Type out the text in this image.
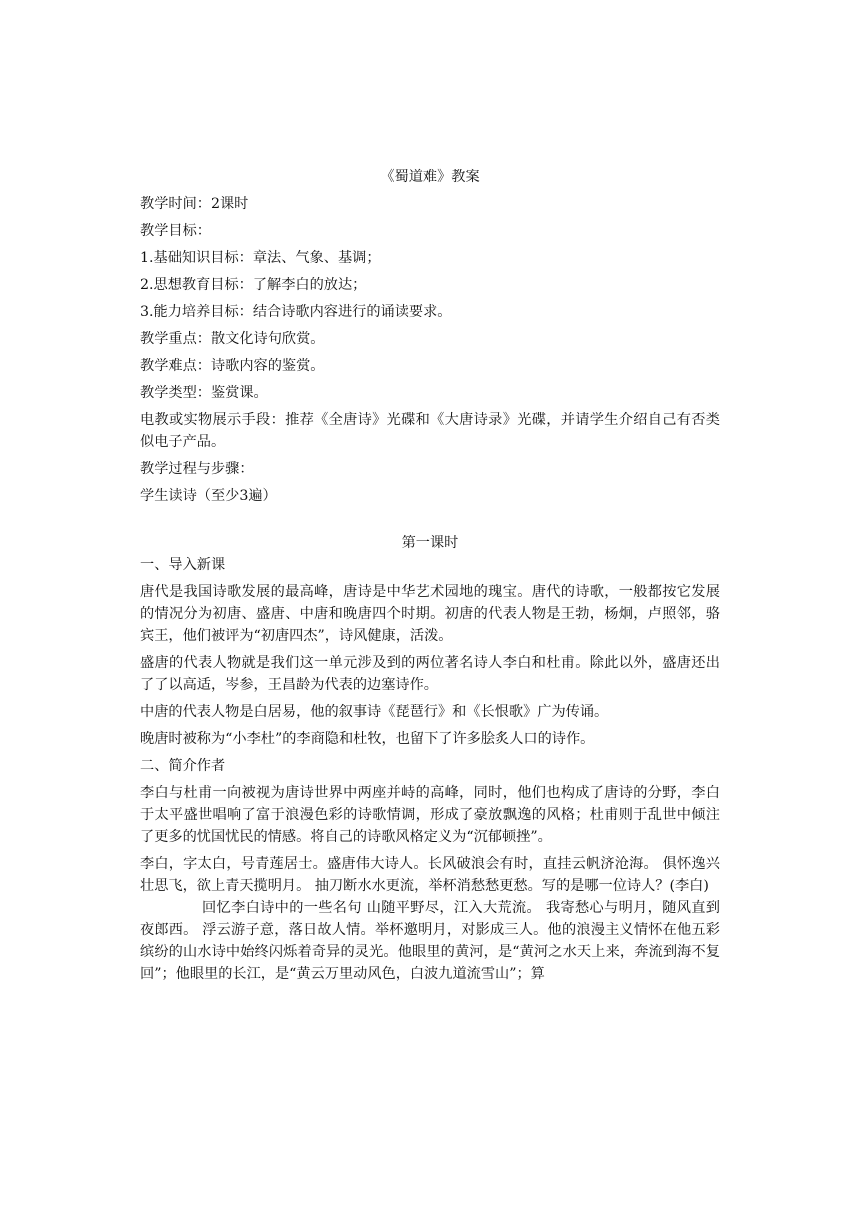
《蜀道难》教案

教学时间：2课时

教学目标：

1.基础知识目标：章法、气象、基调；

2.思想教育目标：了解李白的放达；

3.能力培养目标：结合诗歌内容进行的诵读要求。

教学重点：散文化诗句欣赏。

教学难点：诗歌内容的鉴赏。

教学类型：鉴赏课。

电教或实物展示手段：推荐《全唐诗》光碟和《大唐诗录》光碟，并请学生介绍自己有否类似电子产品。

教学过程与步骤：

学生读诗（至少3遍）

第一课时

一、导入新课

唐代是我国诗歌发展的最高峰，唐诗是中华艺术园地的瑰宝。唐代的诗歌，一般都按它发展的情况分为初唐、盛唐、中唐和晚唐四个时期。初唐的代表人物是王勃，杨炯，卢照邻，骆宾王，他们被评为“初唐四杰”，诗风健康，活泼。

盛唐的代表人物就是我们这一单元涉及到的两位著名诗人李白和杜甫。除此以外，盛唐还出了了以高适，岑参，王昌龄为代表的边塞诗作。

中唐的代表人物是白居易，他的叙事诗《琵琶行》和《长恨歌》广为传诵。

晚唐时被称为“小李杜”的李商隐和杜牧，也留下了许多脍炙人口的诗作。

二、简介作者

李白与杜甫一向被视为唐诗世界中两座并峙的高峰，同时，他们也构成了唐诗的分野，李白于太平盛世唱响了富于浪漫色彩的诗歌情调，形成了豪放飘逸的风格；杜甫则于乱世中倾注了更多的忧国忧民的情感。将自己的诗歌风格定义为“沉郁顿挫”。

李白，字太白，号青莲居士。盛唐伟大诗人。长风破浪会有时，直挂云帆济沧海。 俱怀逸兴壮思飞，欲上青天揽明月。 抽刀断水水更流，举杯消愁愁更愁。写的是哪一位诗人？(李白)

回忆李白诗中的一些名句 山随平野尽，江入大荒流。 我寄愁心与明月，随风直到夜郎西。 浮云游子意，落日故人情。举杯邀明月，对影成三人。他的浪漫主义情怀在他五彩缤纷的山水诗中始终闪烁着奇异的灵光。他眼里的黄河，是“黄河之水天上来，奔流到海不复回”；他眼里的长江，是“黄云万里动风色，白波九道流雪山”；算
